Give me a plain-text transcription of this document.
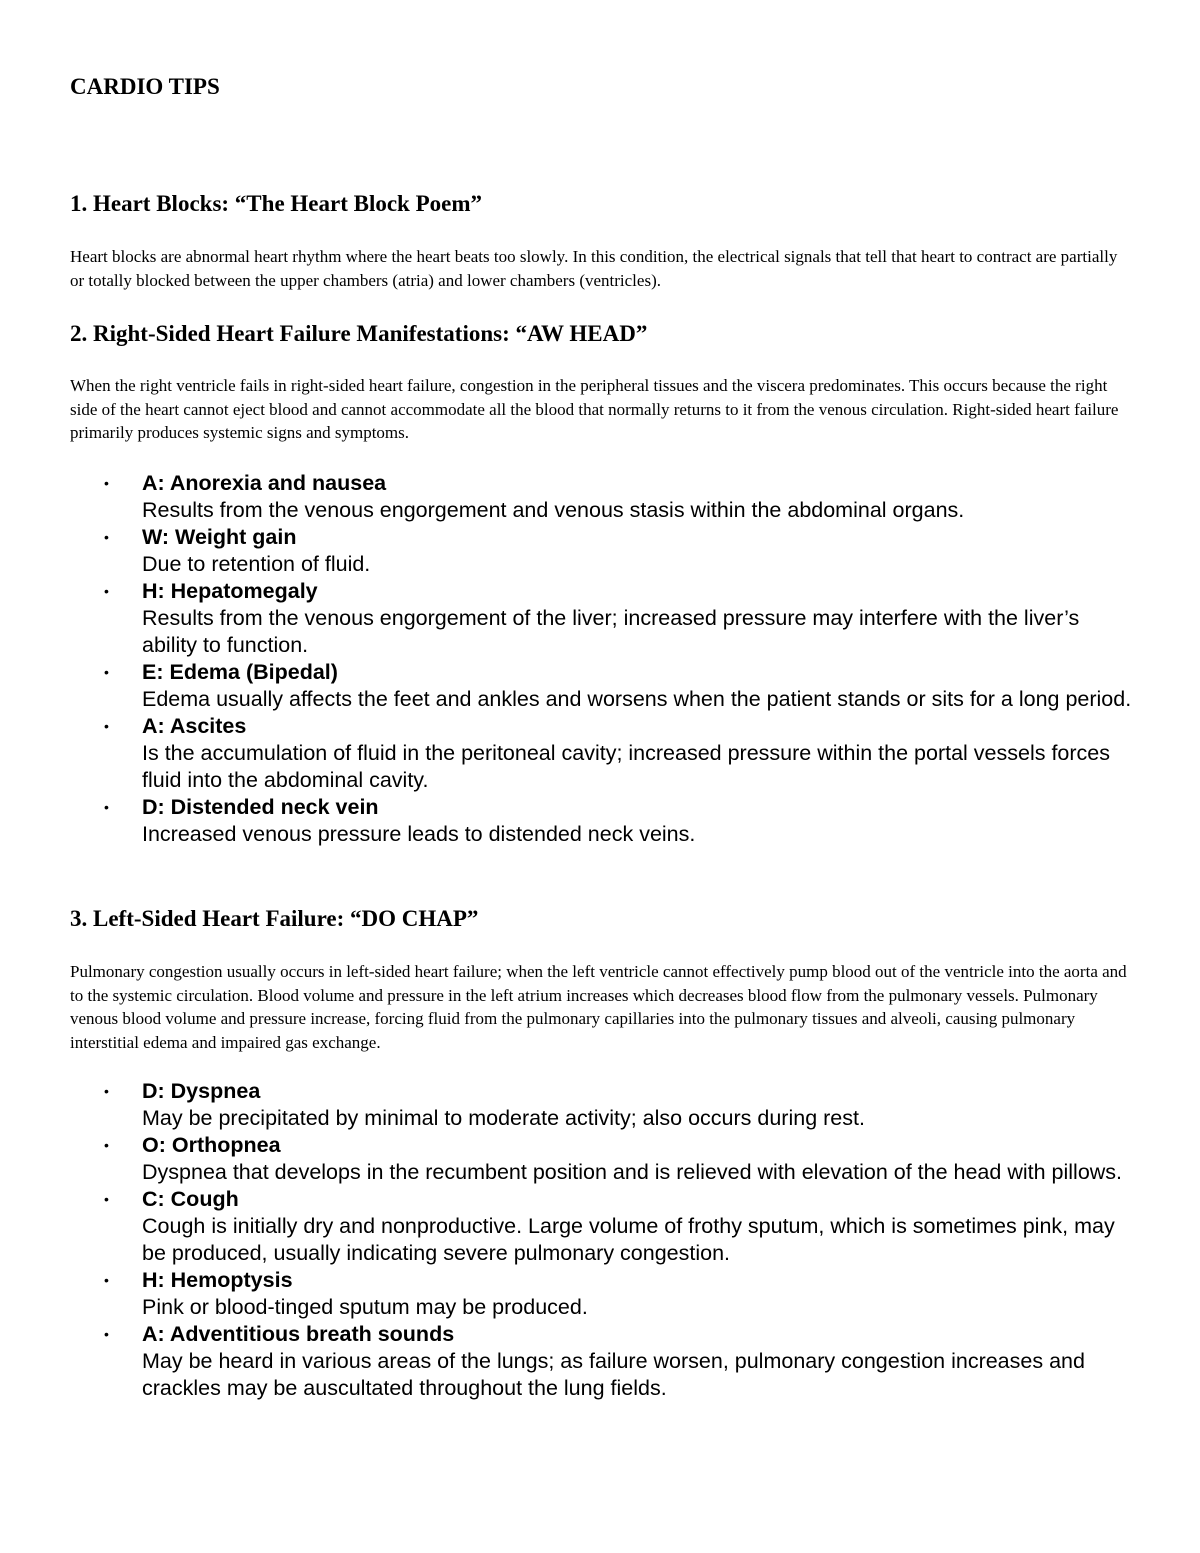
CARDIO TIPS
1. Heart Blocks: “The Heart Block Poem”

Heart blocks are abnormal heart rhythm where the heart beats too slowly. In this condition, the electrical signals that tell that heart to contract are partially or totally blocked between the upper chambers (atria) and lower chambers (ventricles).

2. Right-Sided Heart Failure Manifestations: “AW HEAD”

When the right ventricle fails in right-sided heart failure, congestion in the peripheral tissues and the viscera predominates. This occurs because the right side of the heart cannot eject blood and cannot accommodate all the blood that normally returns to it from the venous circulation. Right-sided heart failure primarily produces systemic signs and symptoms.

• A: Anorexia and nausea
Results from the venous engorgement and venous stasis within the abdominal organs.
• W: Weight gain
Due to retention of fluid.
• H: Hepatomegaly
Results from the venous engorgement of the liver; increased pressure may interfere with the liver’s ability to function.
• E: Edema (Bipedal)
Edema usually affects the feet and ankles and worsens when the patient stands or sits for a long period.
• A: Ascites
Is the accumulation of fluid in the peritoneal cavity; increased pressure within the portal vessels forces fluid into the abdominal cavity.
• D: Distended neck vein
Increased venous pressure leads to distended neck veins.
3. Left-Sided Heart Failure: “DO CHAP”

Pulmonary congestion usually occurs in left-sided heart failure; when the left ventricle cannot effectively pump blood out of the ventricle into the aorta and to the systemic circulation. Blood volume and pressure in the left atrium increases which decreases blood flow from the pulmonary vessels. Pulmonary venous blood volume and pressure increase, forcing fluid from the pulmonary capillaries into the pulmonary tissues and alveoli, causing pulmonary interstitial edema and impaired gas exchange.

• D: Dyspnea
May be precipitated by minimal to moderate activity; also occurs during rest.
• O: Orthopnea
Dyspnea that develops in the recumbent position and is relieved with elevation of the head with pillows.
• C: Cough
Cough is initially dry and nonproductive. Large volume of frothy sputum, which is sometimes pink, may be produced, usually indicating severe pulmonary congestion.
• H: Hemoptysis
Pink or blood-tinged sputum may be produced.
• A: Adventitious breath sounds
May be heard in various areas of the lungs; as failure worsen, pulmonary congestion increases and crackles may be auscultated throughout the lung fields.
